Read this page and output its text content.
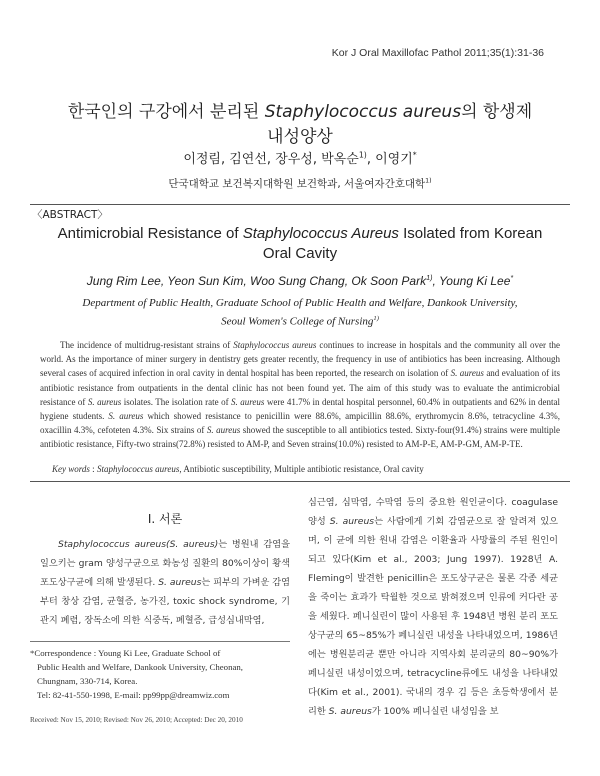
Kor J Oral Maxillofac Pathol 2011;35(1):31-36
한국인의 구강에서 분리된 Staphylococcus aureus의 항생제
내성양상
이정림, 김연선, 장우성, 박옥순$^{1)}$, 이영기*
단국대학교 보건복지대학원 보건학과, 서울여자간호대학$^{1)}$
〈ABSTRACT〉
Antimicrobial Resistance of Staphylococcus Aureus Isolated from Korean Oral Cavity
Jung Rim Lee, Yeon Sun Kim, Woo Sung Chang, Ok Soon Park$^{1)}$, Young Ki Lee*
Department of Public Health, Graduate School of Public Health and Welfare, Dankook University,
Seoul Women's College of Nursing$^{1)}$
The incidence of multidrug-resistant strains of Staphylococcus aureus continues to increase in hospitals and the community all over the world. As the importance of miner surgery in dentistry gets greater recently, the frequency in use of antibiotics has been increasing. Although several cases of acquired infection in oral cavity in dental hospital has been reported, the research on isolation of S. aureus and evaluation of its antibiotic resistance from outpatients in the dental clinic has not been found yet. The aim of this study was to evaluate the antimicrobial resistance of S. aureus isolates. The isolation rate of S. aureus were 41.7% in dental hospital personnel, 60.4% in outpatients and 62% in dental hygiene students. S. aureus which showed resistance to penicillin were 88.6%, ampicillin 88.6%, erythromycin 8.6%, tetracycline 4.3%, oxacillin 4.3%, cefoteten 4.3%. Six strains of S. aureus showed the susceptible to all antibiotics tested. Sixty-four(91.4%) strains were multiple antibiotic resistance, Fifty-two strains(72.8%) resisted to AM-P, and Seven strains(10.0%) resisted to AM-P-E, AM-P-GM, AM-P-TE.
Key words : Staphylococcus aureus, Antibiotic susceptibility, Multiple antibiotic resistance, Oral cavity
I. 서론
Staphylococcus aureus(S. aureus)는 병원내 감염을 일으키는 gram 양성구균으로 화농성 질환의 80%이상이 황색포도상구균에 의해 발생된다. S. aureus는 피부의 가벼운 감염부터 창상 감염, 균혈증, 농가진, toxic shock syndrome, 기관지 폐렴, 장독소에 의한 식중독, 폐혈증, 급성심내막염,
심근염, 심막염, 수막염 등의 중요한 원인균이다. coagulase 양성 S. aureus는 사람에게 기회 감염균으로 잘 알려져 있으며, 이 균에 의한 원내 감염은 이환율과 사망률의 주된 원인이 되고 있다(Kim et al., 2003; Jung 1997). 1928년 A. Fleming이 발견한 penicillin은 포도상구균은 물론 각종 세균을 죽이는 효과가 탁월한 것으로 밝혀졌으며 인류에 커다란 공을 세웠다. 페니실린이 많이 사용된 후 1948년 병원 분리 포도상구균의 65~85%가 페니실린 내성을 나타내었으며, 1986년에는 병원분리균 뿐만 아니라 지역사회 분리균의 80~90%가 페니실린 내성이었으며, tetracycline류에도 내성을 나타내었다(Kim et al., 2001). 국내의 경우 김 등은 초등학생에서 분리한 S. aureus가 100% 페니실린 내성임을 보
*Correspondence : Young Ki Lee, Graduate School of
Public Health and Welfare, Dankook University, Cheonan,
Chungnam, 330-714, Korea.
Tel: 82-41-550-1998, E-mail: pp99pp@dreamwiz.com
Received: Nov 15, 2010; Revised: Nov 26, 2010; Accepted: Dec 20, 2010
